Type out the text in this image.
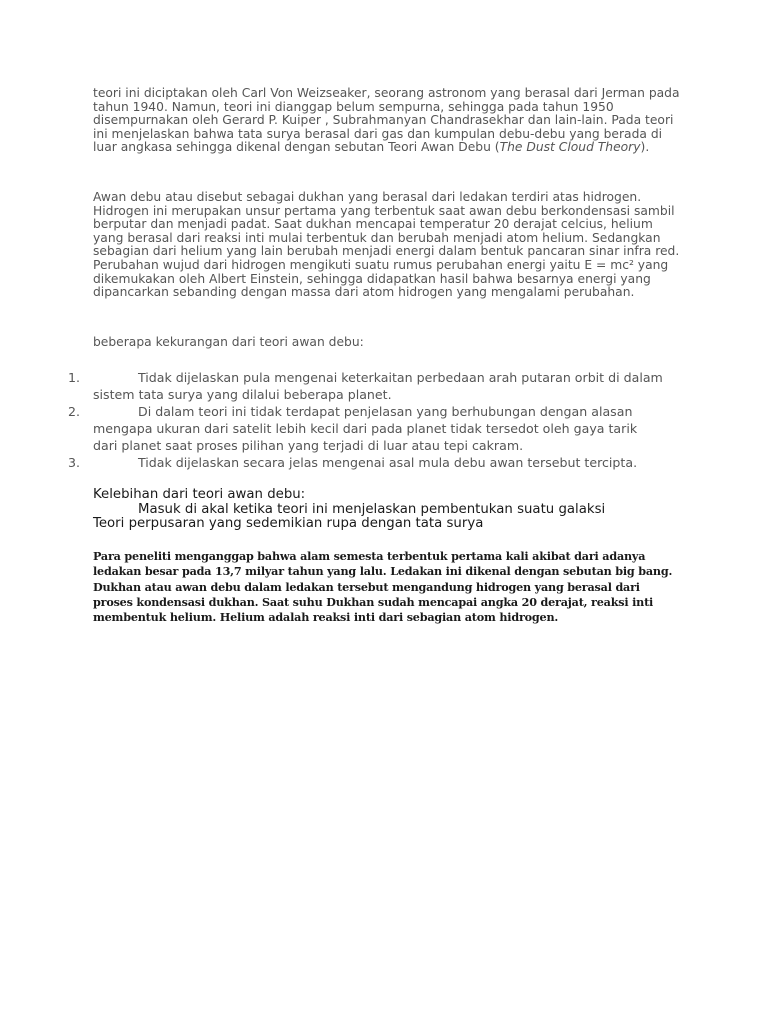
teori ini diciptakan oleh Carl Von Weizseaker, seorang astronom yang berasal dari Jerman pada tahun 1940. Namun, teori ini dianggap belum sempurna, sehingga pada tahun 1950 disempurnakan oleh Gerard P. Kuiper , Subrahmanyan Chandrasekhar dan lain-lain. Pada teori ini menjelaskan bahwa tata surya berasal dari gas dan kumpulan debu-debu yang berada di luar angkasa sehingga dikenal dengan sebutan Teori Awan Debu (The Dust Cloud Theory).

Awan debu atau disebut sebagai dukhan yang berasal dari ledakan terdiri atas hidrogen. Hidrogen ini merupakan unsur pertama yang terbentuk saat awan debu berkondensasi sambil berputar dan menjadi padat. Saat dukhan mencapai temperatur 20 derajat celcius, helium yang berasal dari reaksi inti mulai terbentuk dan berubah menjadi atom helium. Sedangkan sebagian dari helium yang lain berubah menjadi energi dalam bentuk pancaran sinar infra red. Perubahan wujud dari hidrogen mengikuti suatu rumus perubahan energi yaitu E = mc² yang dikemukakan oleh Albert Einstein, sehingga didapatkan hasil bahwa besarnya energi yang dipancarkan sebanding dengan massa dari atom hidrogen yang mengalami perubahan.

beberapa kekurangan dari teori awan debu:

1.	Tidak dijelaskan pula mengenai keterkaitan perbedaan arah putaran orbit di dalam sistem tata surya yang dilalui beberapa planet.
2.	Di dalam teori ini tidak terdapat penjelasan yang berhubungan dengan alasan mengapa ukuran dari satelit lebih kecil dari pada planet tidak tersedot oleh gaya tarik dari planet saat proses pilihan yang terjadi di luar atau tepi cakram.
3.	Tidak dijelaskan secara jelas mengenai asal mula debu awan tersebut tercipta.
Kelebihan dari teori awan debu:
Masuk di akal ketika teori ini menjelaskan pembentukan suatu galaksi
Teori perpusaran yang sedemikian rupa dengan tata surya

Para peneliti menganggap bahwa alam semesta terbentuk pertama kali akibat dari adanya ledakan besar pada 13,7 milyar tahun yang lalu. Ledakan ini dikenal dengan sebutan big bang. Dukhan atau awan debu dalam ledakan tersebut mengandung hidrogen yang berasal dari proses kondensasi dukhan. Saat suhu Dukhan sudah mencapai angka 20 derajat, reaksi inti membentuk helium. Helium adalah reaksi inti dari sebagian atom hidrogen.
